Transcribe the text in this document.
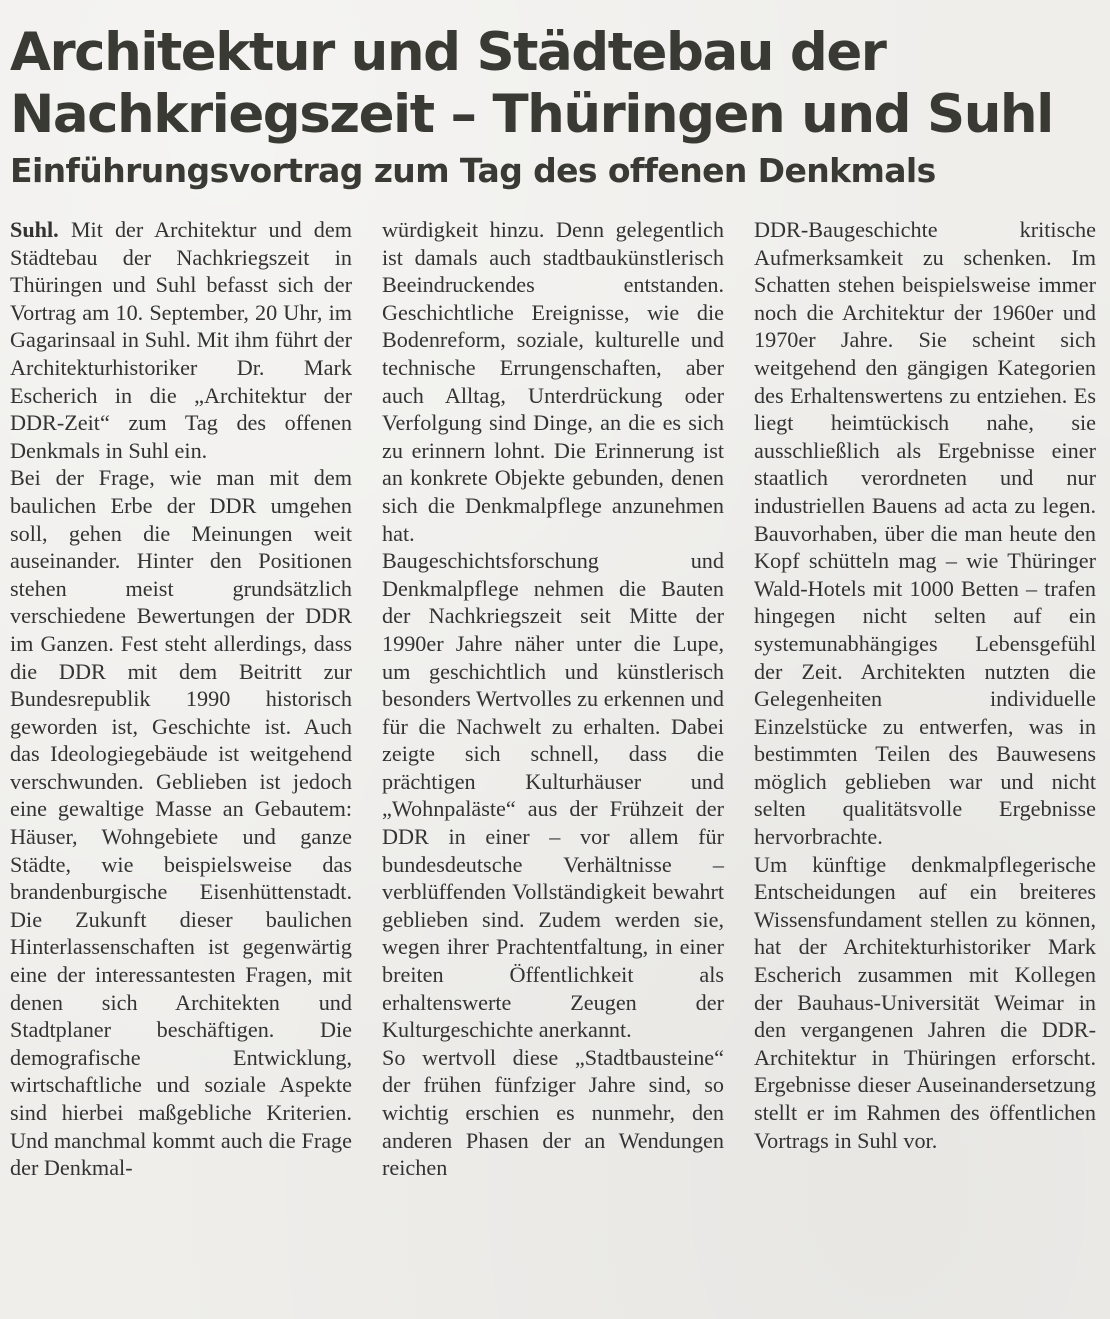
Architektur und Städtebau der
Nachkriegszeit – Thüringen und Suhl
Einführungsvortrag zum Tag des offenen Denkmals

Suhl. Mit der Architektur und dem Städtebau der Nachkriegszeit in Thüringen und Suhl befasst sich der Vortrag am 10. September, 20 Uhr, im Gagarinsaal in Suhl. Mit ihm führt der Architekturhistoriker Dr. Mark Escherich in die „Architektur der DDR-Zeit“ zum Tag des offenen Denkmals in Suhl ein.

Bei der Frage, wie man mit dem baulichen Erbe der DDR umgehen soll, gehen die Meinungen weit auseinander. Hinter den Positionen stehen meist grundsätzlich verschiedene Bewertungen der DDR im Ganzen. Fest steht allerdings, dass die DDR mit dem Beitritt zur Bundesrepublik 1990 historisch geworden ist, Geschichte ist. Auch das Ideologiegebäude ist weitgehend verschwunden. Geblieben ist jedoch eine gewaltige Masse an Gebautem: Häuser, Wohngebiete und ganze Städte, wie beispielsweise das brandenburgische Eisenhüttenstadt. Die Zukunft dieser baulichen Hinterlassenschaften ist gegenwärtig eine der interessantesten Fragen, mit denen sich Architekten und Stadtplaner beschäftigen. Die demografische Entwicklung, wirtschaftliche und soziale Aspekte sind hierbei maßgebliche Kriterien. Und manchmal kommt auch die Frage der Denkmal-

würdigkeit hinzu. Denn gelegentlich ist damals auch stadtbaukünstlerisch Beeindruckendes entstanden. Geschichtliche Ereignisse, wie die Bodenreform, soziale, kulturelle und technische Errungenschaften, aber auch Alltag, Unterdrückung oder Verfolgung sind Dinge, an die es sich zu erinnern lohnt. Die Erinnerung ist an konkrete Objekte gebunden, denen sich die Denkmalpflege anzunehmen hat.

Baugeschichtsforschung und Denkmalpflege nehmen die Bauten der Nachkriegszeit seit Mitte der 1990er Jahre näher unter die Lupe, um geschichtlich und künstlerisch besonders Wertvolles zu erkennen und für die Nachwelt zu erhalten. Dabei zeigte sich schnell, dass die prächtigen Kulturhäuser und „Wohnpaläste“ aus der Frühzeit der DDR in einer – vor allem für bundesdeutsche Verhältnisse – verblüffenden Vollständigkeit bewahrt geblieben sind. Zudem werden sie, wegen ihrer Prachtentfaltung, in einer breiten Öffentlichkeit als erhaltenswerte Zeugen der Kulturgeschichte anerkannt.

So wertvoll diese „Stadtbausteine“ der frühen fünfziger Jahre sind, so wichtig erschien es nunmehr, den anderen Phasen der an Wendungen reichen

DDR-Baugeschichte kritische Aufmerksamkeit zu schenken. Im Schatten stehen beispielsweise immer noch die Architektur der 1960er und 1970er Jahre. Sie scheint sich weitgehend den gängigen Kategorien des Erhaltenswertens zu entziehen. Es liegt heimtückisch nahe, sie ausschließlich als Ergebnisse einer staatlich verordneten und nur industriellen Bauens ad acta zu legen. Bauvorhaben, über die man heute den Kopf schütteln mag – wie Thüringer Wald-Hotels mit 1000 Betten – trafen hingegen nicht selten auf ein systemunabhängiges Lebensgefühl der Zeit. Architekten nutzten die Gelegenheiten individuelle Einzelstücke zu entwerfen, was in bestimmten Teilen des Bauwesens möglich geblieben war und nicht selten qualitätsvolle Ergebnisse hervorbrachte.

Um künftige denkmalpflegerische Entscheidungen auf ein breiteres Wissensfundament stellen zu können, hat der Architekturhistoriker Mark Escherich zusammen mit Kollegen der Bauhaus-Universität Weimar in den vergangenen Jahren die DDR-Architektur in Thüringen erforscht. Ergebnisse dieser Auseinandersetzung stellt er im Rahmen des öffentlichen Vortrags in Suhl vor.
